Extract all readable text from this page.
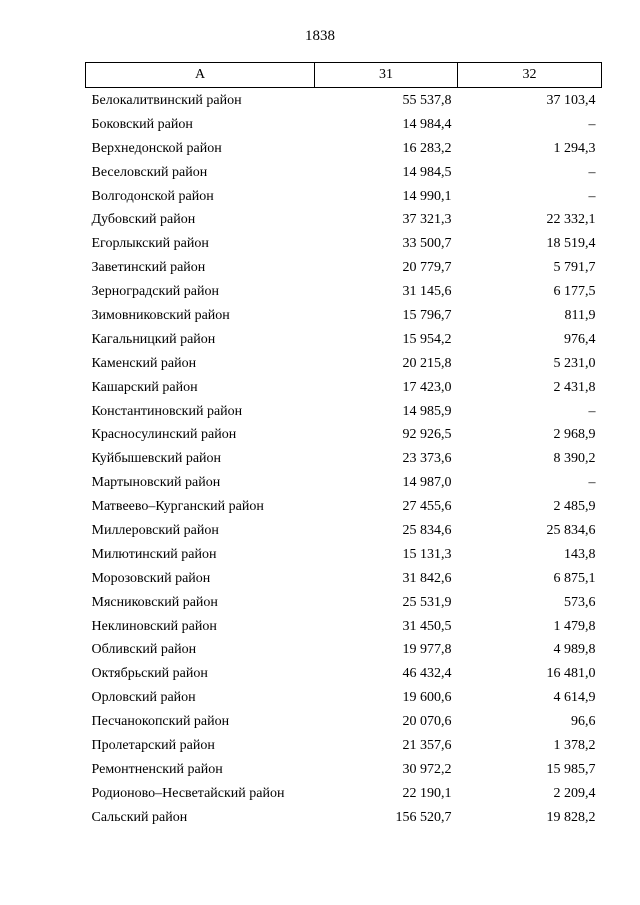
1838
А	31	32
Белокалитвинский район	55 537,8	37 103,4
Боковский район	14 984,4	–
Верхнедонской район	16 283,2	1 294,3
Веселовский район	14 984,5	–
Волгодонской район	14 990,1	–
Дубовский район	37 321,3	22 332,1
Егорлыкский район	33 500,7	18 519,4
Заветинский район	20 779,7	5 791,7
Зерноградский район	31 145,6	6 177,5
Зимовниковский район	15 796,7	811,9
Кагальницкий район	15 954,2	976,4
Каменский район	20 215,8	5 231,0
Кашарский район	17 423,0	2 431,8
Константиновский район	14 985,9	–
Красносулинский район	92 926,5	2 968,9
Куйбышевский район	23 373,6	8 390,2
Мартыновский район	14 987,0	–
Матвеево–Курганский район	27 455,6	2 485,9
Миллеровский район	25 834,6	25 834,6
Милютинский район	15 131,3	143,8
Морозовский район	31 842,6	6 875,1
Мясниковский район	25 531,9	573,6
Неклиновский район	31 450,5	1 479,8
Обливский район	19 977,8	4 989,8
Октябрьский район	46 432,4	16 481,0
Орловский район	19 600,6	4 614,9
Песчанокопский район	20 070,6	96,6
Пролетарский район	21 357,6	1 378,2
Ремонтненский район	30 972,2	15 985,7
Родионово–Несветайский район	22 190,1	2 209,4
Сальский район	156 520,7	19 828,2
